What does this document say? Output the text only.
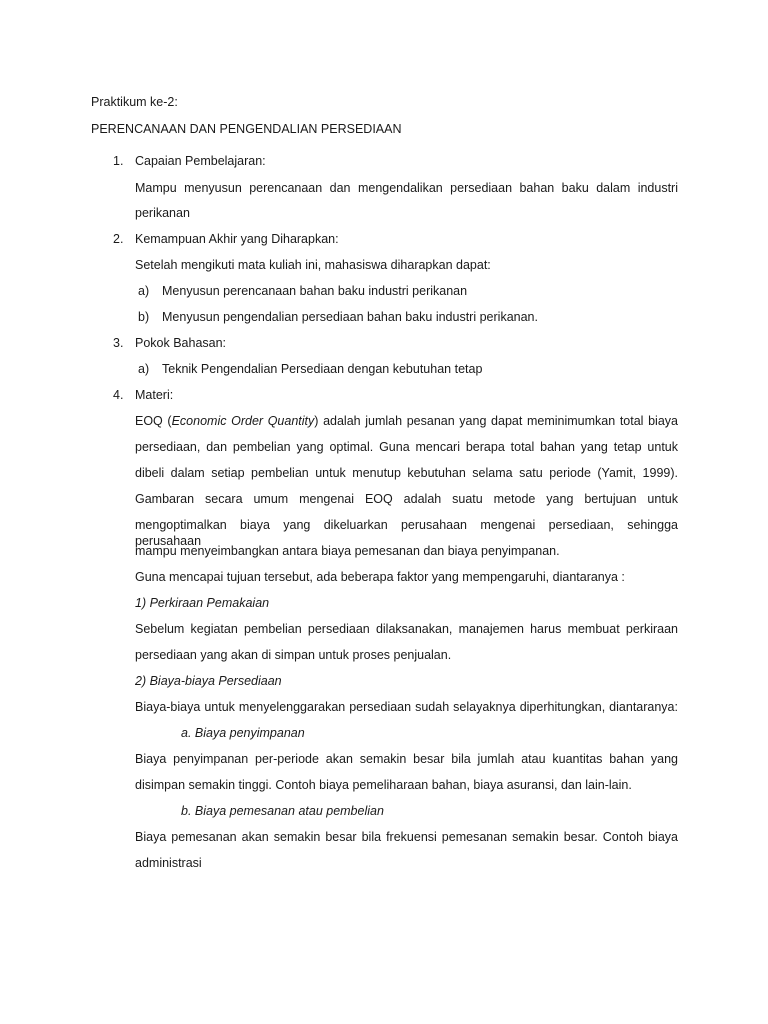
Praktikum ke-2:
PERENCANAAN DAN PENGENDALIAN PERSEDIAAN
1. Capaian Pembelajaran:
Mampu menyusun perencanaan dan mengendalikan persediaan bahan baku dalam industri
perikanan
2. Kemampuan Akhir yang Diharapkan:
Setelah mengikuti mata kuliah ini, mahasiswa diharapkan dapat:
a) Menyusun perencanaan bahan baku industri perikanan
b) Menyusun pengendalian persediaan bahan baku industri perikanan.
3. Pokok Bahasan:
a) Teknik Pengendalian Persediaan dengan kebutuhan tetap
4. Materi:
EOQ (Economic Order Quantity) adalah jumlah pesanan yang dapat meminimumkan total biaya
persediaan, dan pembelian yang optimal. Guna mencari berapa total bahan yang tetap untuk
dibeli dalam setiap pembelian untuk menutup kebutuhan selama satu periode (Yamit, 1999).
Gambaran secara umum mengenai EOQ adalah suatu metode yang bertujuan untuk
mengoptimalkan biaya yang dikeluarkan perusahaan mengenai persediaan, sehingga perusahaan
mampu menyeimbangkan antara biaya pemesanan dan biaya penyimpanan.
Guna mencapai tujuan tersebut, ada beberapa faktor yang mempengaruhi, diantaranya :
1) Perkiraan Pemakaian
Sebelum kegiatan pembelian persediaan dilaksanakan, manajemen harus membuat perkiraan
persediaan yang akan di simpan untuk proses penjualan.
2) Biaya-biaya Persediaan
Biaya-biaya untuk menyelenggarakan persediaan sudah selayaknya diperhitungkan, diantaranya:
a. Biaya penyimpanan
Biaya penyimpanan per-periode akan semakin besar bila jumlah atau kuantitas bahan yang
disimpan semakin tinggi. Contoh biaya pemeliharaan bahan, biaya asuransi, dan lain-lain.
b. Biaya pemesanan atau pembelian
Biaya pemesanan akan semakin besar bila frekuensi pemesanan semakin besar. Contoh biaya
administrasi
